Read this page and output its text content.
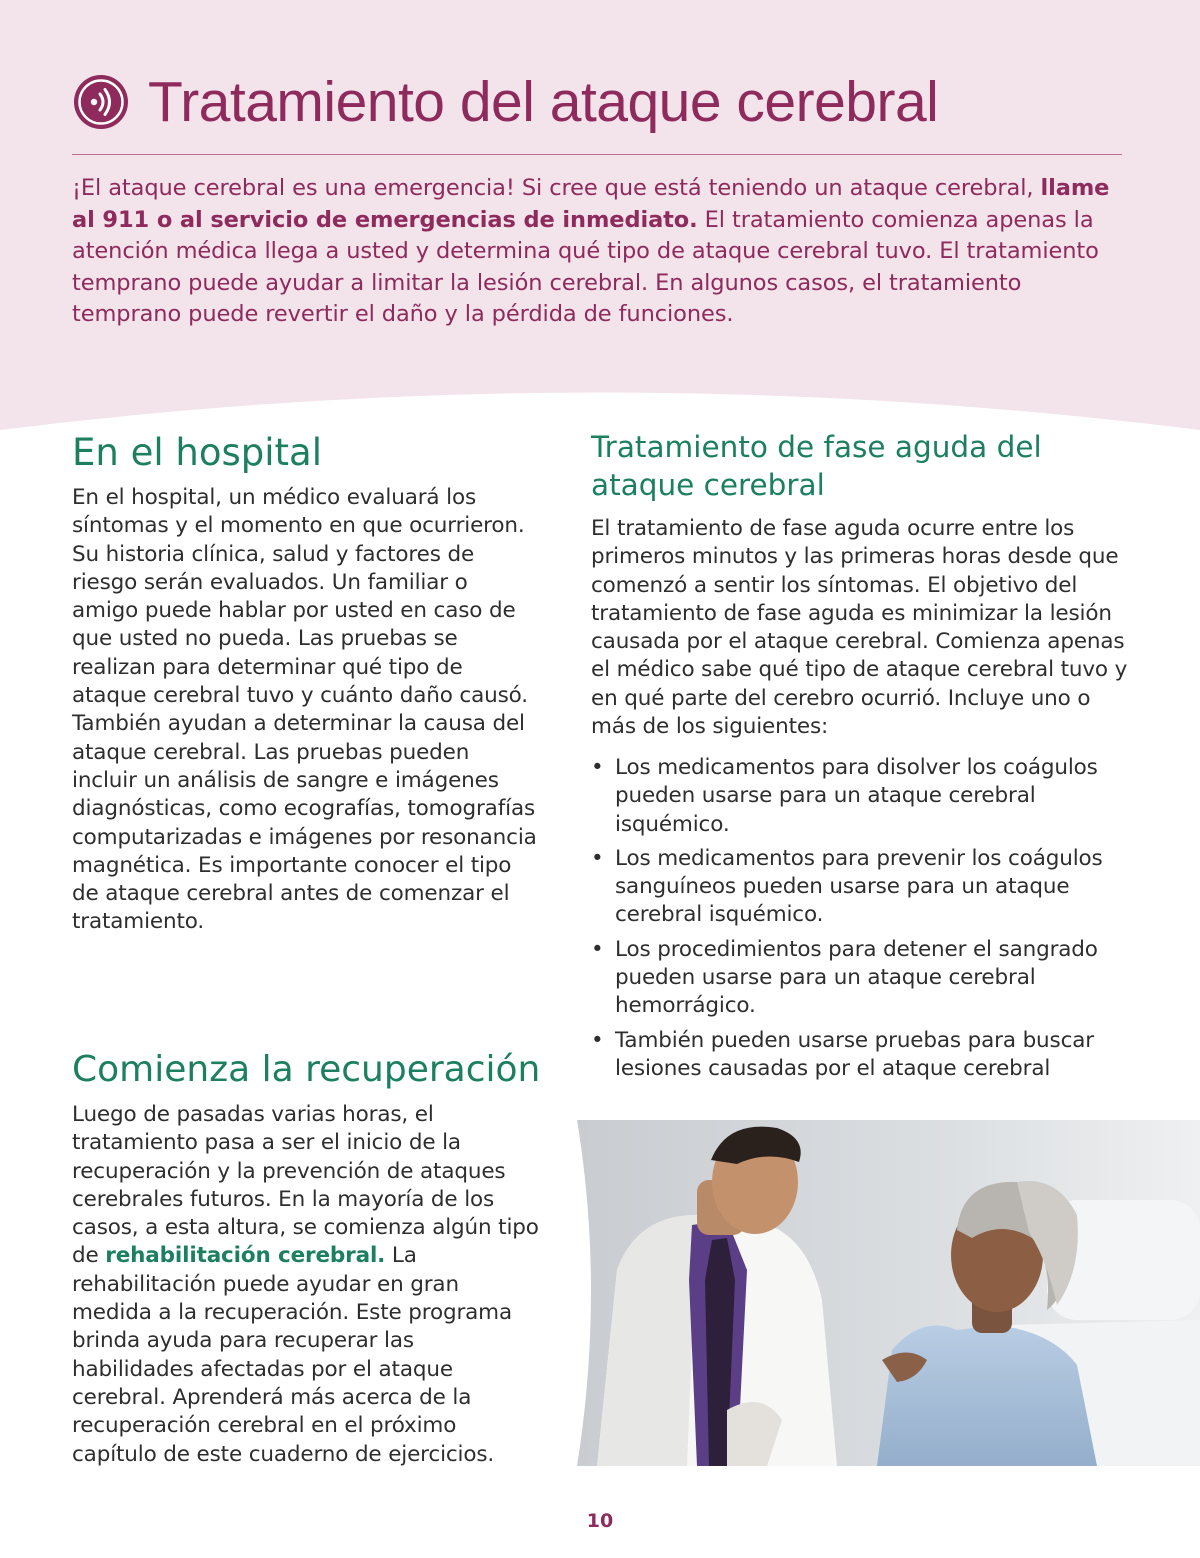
Tratamiento del ataque cerebral

¡El ataque cerebral es una emergencia! Si cree que está teniendo un ataque cerebral, llame al 911 o al servicio de emergencias de inmediato. El tratamiento comienza apenas la atención médica llega a usted y determina qué tipo de ataque cerebral tuvo. El tratamiento temprano puede ayudar a limitar la lesión cerebral. En algunos casos, el tratamiento temprano puede revertir el daño y la pérdida de funciones.

En el hospital

En el hospital, un médico evaluará los síntomas y el momento en que ocurrieron. Su historia clínica, salud y factores de riesgo serán evaluados. Un familiar o amigo puede hablar por usted en caso de que usted no pueda. Las pruebas se realizan para determinar qué tipo de ataque cerebral tuvo y cuánto daño causó. También ayudan a determinar la causa del ataque cerebral. Las pruebas pueden incluir un análisis de sangre e imágenes diagnósticas, como ecografías, tomografías computarizadas e imágenes por resonancia magnética. Es importante conocer el tipo de ataque cerebral antes de comenzar el tratamiento.

Comienza la recuperación

Luego de pasadas varias horas, el tratamiento pasa a ser el inicio de la recuperación y la prevención de ataques cerebrales futuros. En la mayoría de los casos, a esta altura, se comienza algún tipo de rehabilitación cerebral. La rehabilitación puede ayudar en gran medida a la recuperación. Este programa brinda ayuda para recuperar las habilidades afectadas por el ataque cerebral. Aprenderá más acerca de la recuperación cerebral en el próximo capítulo de este cuaderno de ejercicios.

Tratamiento de fase aguda del ataque cerebral

El tratamiento de fase aguda ocurre entre los primeros minutos y las primeras horas desde que comenzó a sentir los síntomas. El objetivo del tratamiento de fase aguda es minimizar la lesión causada por el ataque cerebral. Comienza apenas el médico sabe qué tipo de ataque cerebral tuvo y en qué parte del cerebro ocurrió. Incluye uno o más de los siguientes:

• Los medicamentos para disolver los coágulos pueden usarse para un ataque cerebral isquémico.
• Los medicamentos para prevenir los coágulos sanguíneos pueden usarse para un ataque cerebral isquémico.
• Los procedimientos para detener el sangrado pueden usarse para un ataque cerebral hemorrágico.
• También pueden usarse pruebas para buscar lesiones causadas por el ataque cerebral
10
